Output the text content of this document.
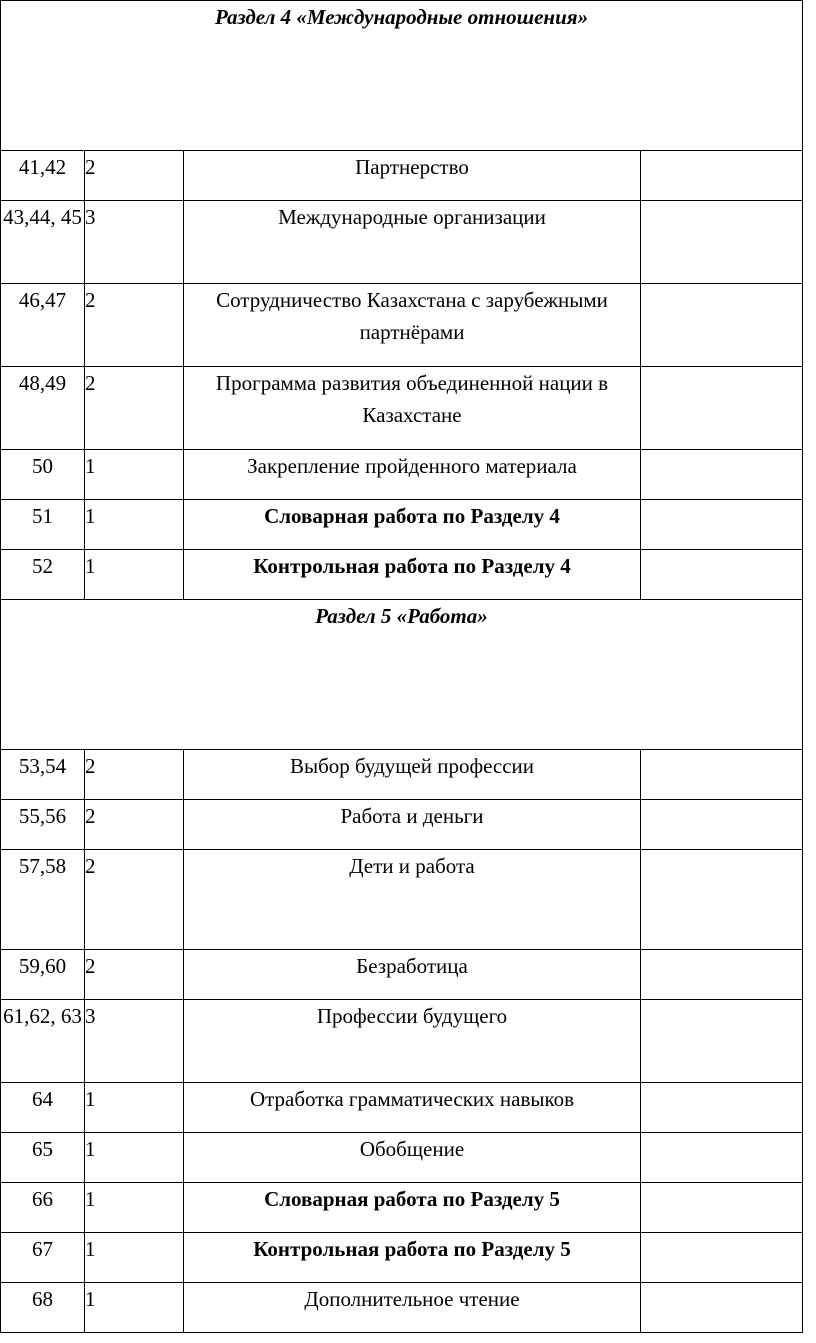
Раздел 4 «Международные отношения»			
41,42	2	Партнерство	
43,44, 45	3	Международные организации	
46,47	2	Сотрудничество Казахстана с зарубежными партнёрами	
48,49	2	Программа развития объединенной нации в Казахстане	
50	1	Закрепление пройденного материала	
51	1	Словарная работа по Разделу 4	
52	1	Контрольная работа по Разделу 4	
Раздел 5 «Работа»			
53,54	2	Выбор будущей профессии	
55,56	2	Работа и деньги	
57,58	2	Дети и работа	
59,60	2	Безработица	
61,62, 63	3	Профессии будущего	
64	1	Отработка грамматических навыков	
65	1	Обобщение	
66	1	Словарная работа по Разделу 5	
67	1	Контрольная работа по Разделу 5	
68	1	Дополнительное чтение	
